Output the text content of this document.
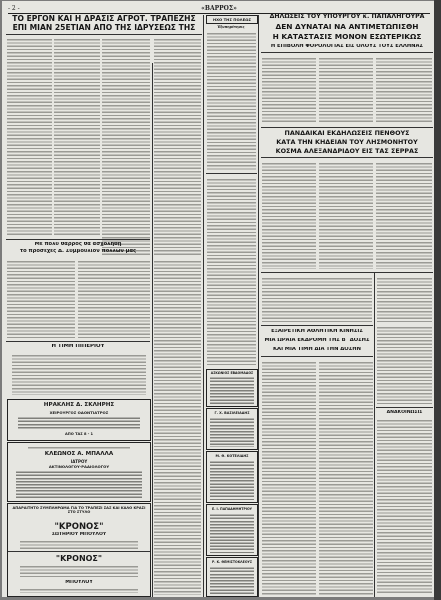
- 2 -	«ΒΑΡΡΟΣ»
ΤΟ ΕΡΓΟΝ ΚΑΙ Η ΔΡΑΣΙΣ ΑΓΡΟΤ. ΤΡΑΠΕΖΗΣ
ΕΠΙ ΜΙΑΝ 25ΕΤΙΑΝ ΑΠΟ ΤΗΣ ΙΔΡΥΣΕΩΣ ΤΗΣ
Μὲ πολὺ θάρρος θὰ ἀσχοληθῇ
τὸ προσεχὲς Δ. Συμβούλιον πολλῶν μας
Η ΤΙΜΗ ΠΙΠΕΡΙΟΥ
ΗΡΑΚΛΗΣ Δ. ΣΚΛΗΡΗΣ
ΧΕΙΡΟΥΡΓΟΣ ΟΔΟΝΤΙΑΤΡΟΣ
ΑΠΟ ΤΑΣ 8 - 1
ΚΛΕΩΝΟΣ Α. ΜΠΑΛΛΑ
ΙΑΤΡΟΥ
ΑΚΤΙΝΟΛΟΓΟΥ-ΡΑΔΙΟΛΟΓΟΥ
ΑΠΑΡΑΙΤΗΤΟ ΣΥΜΠΛΗΡΩΜΑ ΓΙΑ ΤΟ ΤΡΑΠΕΖΙ ΣΑΣ ΚΑΙ ΚΑΛΟ ΚΡΑΣΙ ΣΤΟ ΣΤΥΛΟ
"ΚΡΟΝΟΣ"
ΣΩΤΗΡΙΟΥ ΜΠΟΥΛΟΥ
"ΚΡΟΝΟΣ"
ΜΠΟΥΛΟΥ
ΗΧΟ ΤΗΣ ΠΟΛΕΩΣ
Ἐξυπηρέτησις
ΑΣΚΩΝΙΟΣ ΕΒΔΟΜΑΔΟΣ
Γ. Χ. ΒΑΣΙΛΕΙΑΔΗΣ
Μ. Θ. ΚΟΤΕΛΙΔΗΣ
Ε. Ι. ΠΑΠΑΔΗΜΗΤΡΙΟΥ
Ρ. Κ. ΘΕΜΙΣΤΟΚΛΕΟΥΣ
ΔΗΛΩΣΕΙΣ ΤΟΥ ΥΠΟΥΡΓΟΥ κ. ΠΑΠΑΛΗΓΟΥΡΑ
ΔΕΝ ΔΥΝΑΤΑΙ ΝΑ ΑΝΤΙΜΕΤΩΠΙΣΘΗ
Η ΚΑΤΑΣΤΑΣΙΣ ΜΟΝΟΝ ΕΣΩΤΕΡΙΚΩΣ
Η ΕΠΙΒΟΛΗ ΦΟΡΟΛΟΓΙΑΣ ΕΙΣ ΟΛΟΥΣ ΤΟΥΣ ΕΛΛΗΝΑΣ
ΠΑΝΔΑΙΚΑΙ ΕΚΔΗΛΩΣΕΙΣ ΠΕΝΘΟΥΣ
ΚΑΤΑ ΤΗΝ ΚΗΔΕΙΑΝ ΤΟΥ ΛΗΣΜΟΝΗΤΟΥ
ΚΟΣΜΑ ΑΛΕΞΑΝΔΡΙΔΟΥ ΕΙΣ ΤΑΣ ΣΕΡΡΑΣ
ΕΞΑΙΡΕΤΙΚΗ ΑΘΛΗΤΙΚΗ ΚΙΝΗΣΙΣ
ΜΙΑ ΩΡΑΙΑ ΕΚΔΡΟΜΗ ΤΗΣ Β΄ ΔΟΣΗΣ
ΚΑΙ ΜΙΑ ΤΙΜΗ ΔΙΑ ΤΗΝ ΔΟΣΗΝ
ΑΝΑΚΟΙΝΩΣΙΣ
